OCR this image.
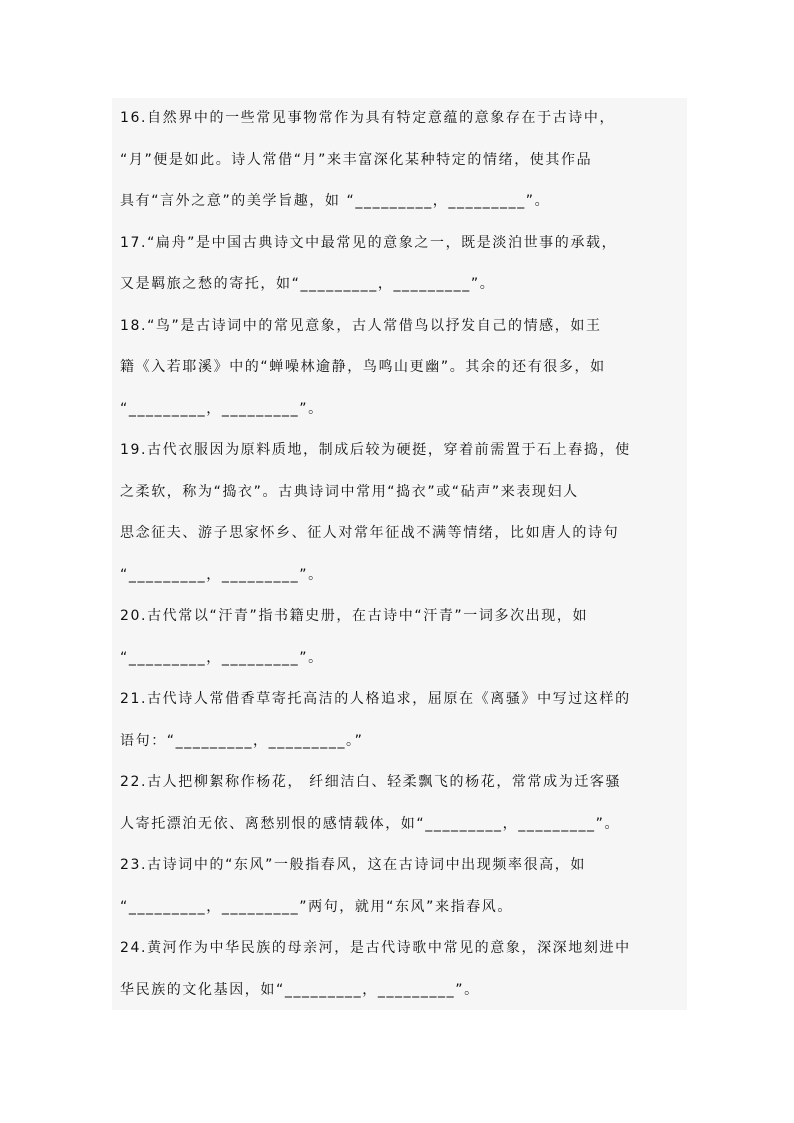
16.自然界中的一些常见事物常作为具有特定意蕴的意象存在于古诗中，
“月”便是如此。诗人常借“月”来丰富深化某种特定的情绪，使其作品
具有“言外之意”的美学旨趣，如 “_________，_________”。
17.“扁舟”是中国古典诗文中最常见的意象之一，既是淡泊世事的承载，
又是羁旅之愁的寄托，如“_________，_________”。
18.“鸟”是古诗词中的常见意象，古人常借鸟以抒发自己的情感，如王
籍《入若耶溪》中的“蝉噪林逾静，鸟鸣山更幽”。其余的还有很多，如
“_________，_________”。
19.古代衣服因为原料质地，制成后较为硬挺，穿着前需置于石上舂捣，使
之柔软，称为“捣衣”。古典诗词中常用“捣衣”或“砧声”来表现妇人
思念征夫、游子思家怀乡、征人对常年征战不满等情绪，比如唐人的诗句
“_________，_________”。
20.古代常以“汗青”指书籍史册，在古诗中“汗青”一词多次出现，如
“_________，_________”。
21.古代诗人常借香草寄托高洁的人格追求，屈原在《离骚》中写过这样的
语句：“_________，_________。”
22.古人把柳絮称作杨花， 纤细洁白、轻柔飘飞的杨花，常常成为迁客骚
人寄托漂泊无依、离愁别恨的感情载体，如“_________，_________”。
23.古诗词中的“东风”一般指春风，这在古诗词中出现频率很高，如
“_________，_________”两句，就用“东风”来指春风。
24.黄河作为中华民族的母亲河，是古代诗歌中常见的意象，深深地刻进中
华民族的文化基因，如“_________，_________”。
